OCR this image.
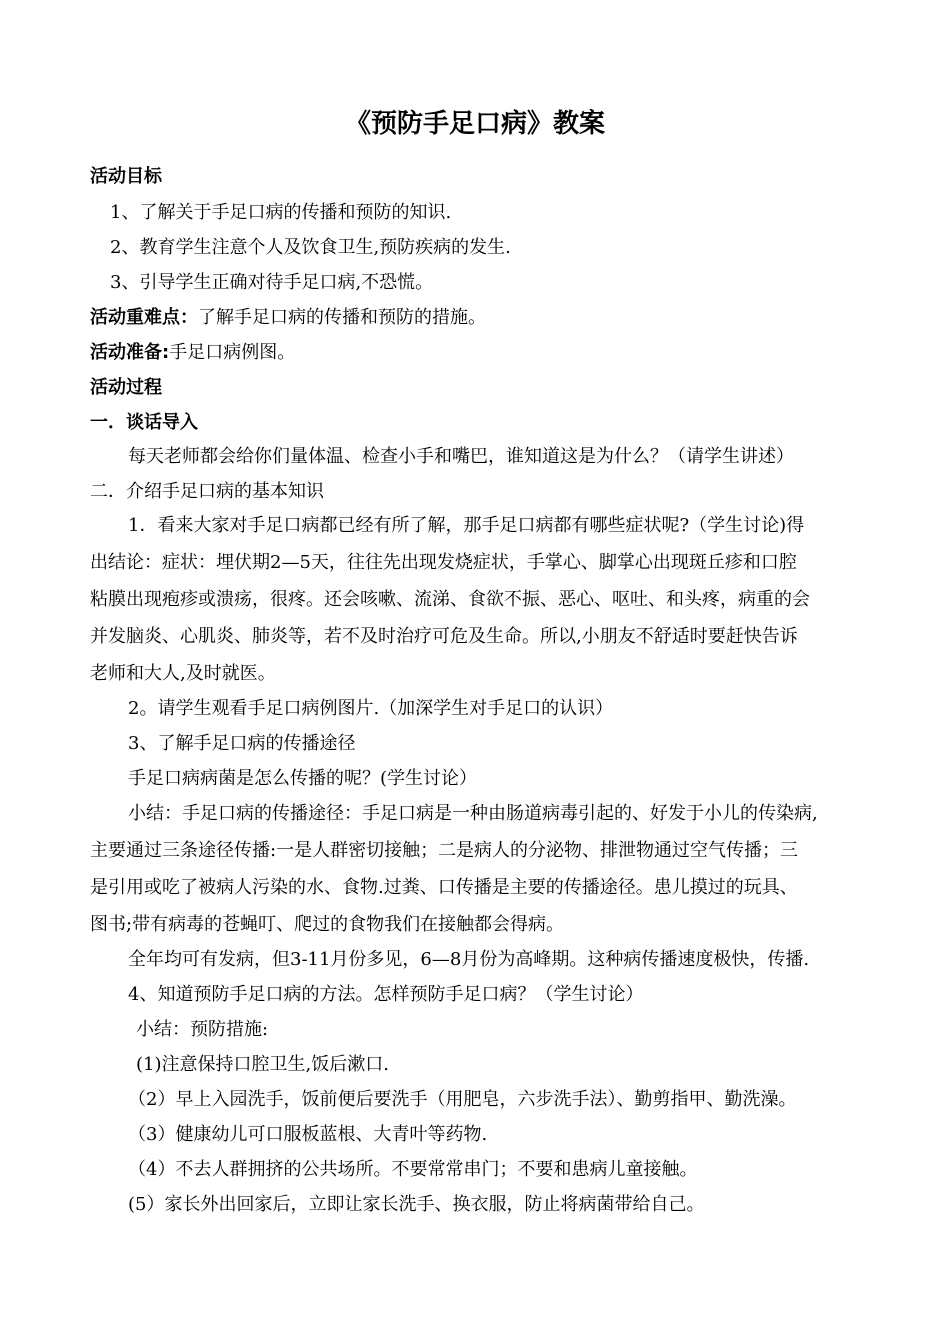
《预防手足口病》教案
活动目标
1、了解关于手足口病的传播和预防的知识.
2、教育学生注意个人及饮食卫生,预防疾病的发生.
3、引导学生正确对待手足口病,不恐慌。
活动重难点：了解手足口病的传播和预防的措施。
活动准备:手足口病例图。
活动过程
一．谈话导入
每天老师都会给你们量体温、检查小手和嘴巴，谁知道这是为什么？（请学生讲述）
二．介绍手足口病的基本知识
1．看来大家对手足口病都已经有所了解，那手足口病都有哪些症状呢?（学生讨论)得
出结论：症状：埋伏期2—5天，往往先出现发烧症状，手掌心、脚掌心出现斑丘疹和口腔
粘膜出现疱疹或溃疡，很疼。还会咳嗽、流涕、食欲不振、恶心、呕吐、和头疼，病重的会
并发脑炎、心肌炎、肺炎等，若不及时治疗可危及生命。所以,小朋友不舒适时要赶快告诉
老师和大人,及时就医。
2。请学生观看手足口病例图片.（加深学生对手足口的认识）
3、了解手足口病的传播途径
手足口病病菌是怎么传播的呢？(学生讨论）
小结：手足口病的传播途径：手足口病是一种由肠道病毒引起的、好发于小儿的传染病,
主要通过三条途径传播:一是人群密切接触；二是病人的分泌物、排泄物通过空气传播；三
是引用或吃了被病人污染的水、食物.过粪、口传播是主要的传播途径。患儿摸过的玩具、
图书;带有病毒的苍蝇叮、爬过的食物我们在接触都会得病。
全年均可有发病，但3-11月份多见，6—8月份为高峰期。这种病传播速度极快，传播.
4、知道预防手足口病的方法。怎样预防手足口病？（学生讨论）
小结：预防措施:
(1)注意保持口腔卫生,饭后漱口.
（2）早上入园洗手，饭前便后要洗手（用肥皂，六步洗手法）、勤剪指甲、勤洗澡。
（3）健康幼儿可口服板蓝根、大青叶等药物.
（4）不去人群拥挤的公共场所。不要常常串门；不要和患病儿童接触。
(5）家长外出回家后，立即让家长洗手、换衣服，防止将病菌带给自己。
